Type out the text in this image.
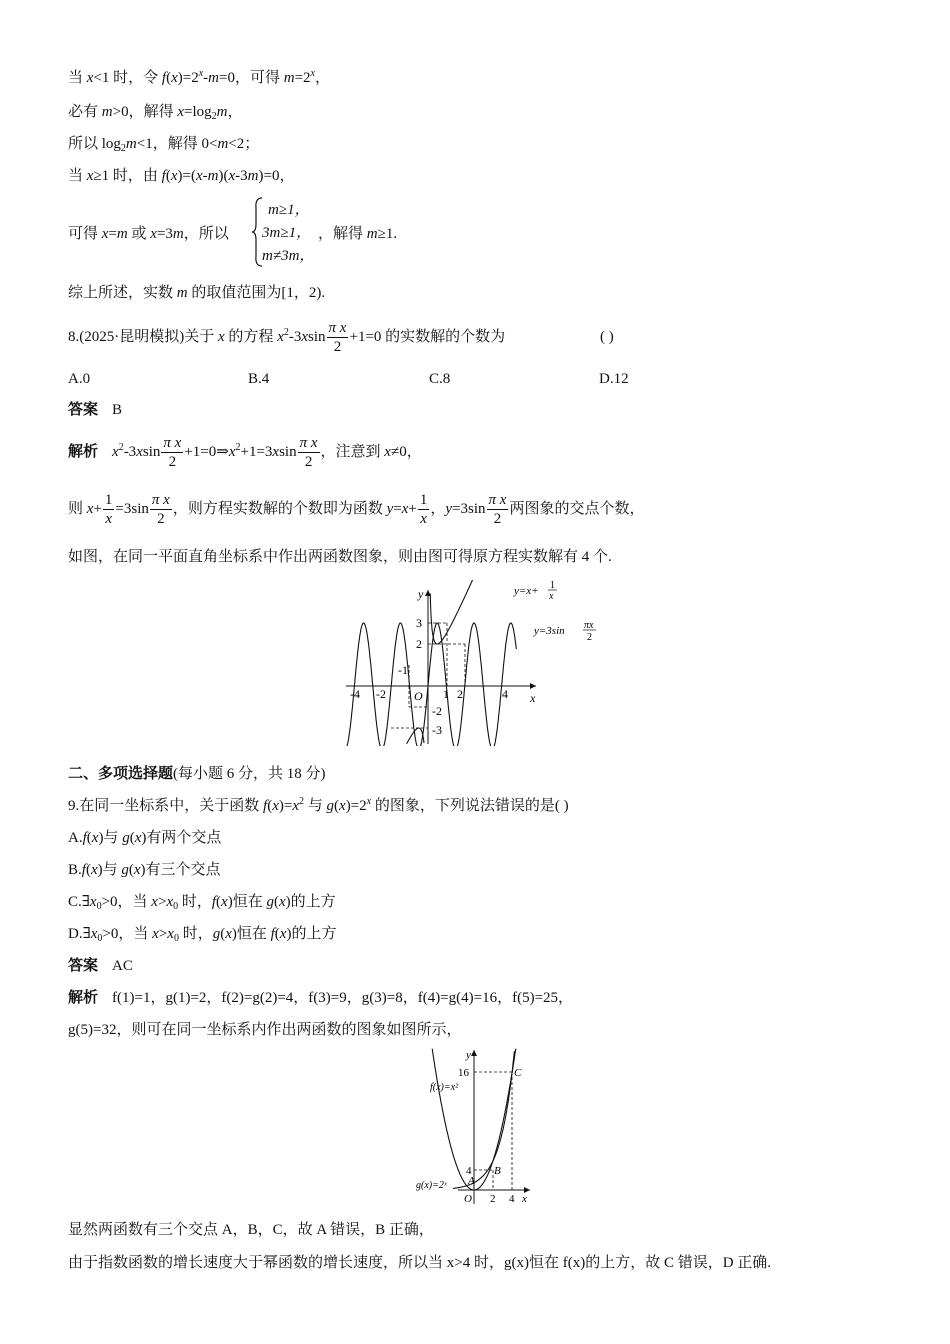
当 x<1 时，令 $f(x)=2^x-m=0$，可得 $m=2^x$，
必有 m>0，解得 $x=\log_2m$，
所以 $\log_2m<1$，解得 0<m<2；
当 x≥1 时，由 f(x)=(x-m)(x-3m)=0，
可得 x=m 或 x=3m，所以
m≥1，
3m≥1，
m≠3m，
，解得 m≥1.
综上所述，实数 m 的取值范围为[1，2).
8.(2025·昆明模拟)关于 x 的方程 $x^2-3xsin \frac{\text{π x}}{2} +1=0$ 的实数解的个数为	( )
A.0	B.4	C.8	D.12
答案 B
解析 $x^2-3xsin \frac{\text{π x}}{2}$ $+1=0\Rightarrow x^2+1=3xsin \frac{\text{π x}}{2}$ ，注意到 x≠0，
则 $x+ \frac{1}{x} =3\sin \frac{\text{π x}}{2}$ ，则方程实数解的个数即为函数 $y=x+ \frac{1}{x}$ ，$y=3\sin \frac{\text{π x}}{2}$ 两图象的交点个数，
如图，在同一平面直角坐标系中作出两函数图象，则由图可得原方程实数解有 4 个.
x
y
O
-4 -2	1 2	4
3
2
-1
-2
-3
y=x+ 1
x
y=3sin πx
2
二、多项选择题(每小题 6 分，共 18 分)
9.在同一坐标系中，关于函数 $f(x)=x^2$ 与 $g(x)=2^x$ 的图象，下列说法错误的是( )
A.f(x)与 g(x)有两个交点
B.f(x)与 g(x)有三个交点
$C.\exists x_0>0$，当 $x>x_0$ 时，f(x)恒在 g(x)的上方
$D.\exists x_0>0$，当 $x>x_0$ 时，g(x)恒在 f(x)的上方
答案 AC
解析 f(1)=1，g(1)=2，f(2)=g(2)=4，f(3)=9，g(3)=8，f(4)=g(4)=16，f(5)=25，
g(5)=32，则可在同一坐标系内作出两函数的图象如图所示，
x
y
O
16
4
2 4
C
B
A
f(x)=x²
g(x)=2ˣ
显然两函数有三个交点 A，B，C，故 A 错误，B 正确，
由于指数函数的增长速度大于幂函数的增长速度，所以当 x>4 时，g(x)恒在 f(x)的上方，故 C 错误，D 正确.
